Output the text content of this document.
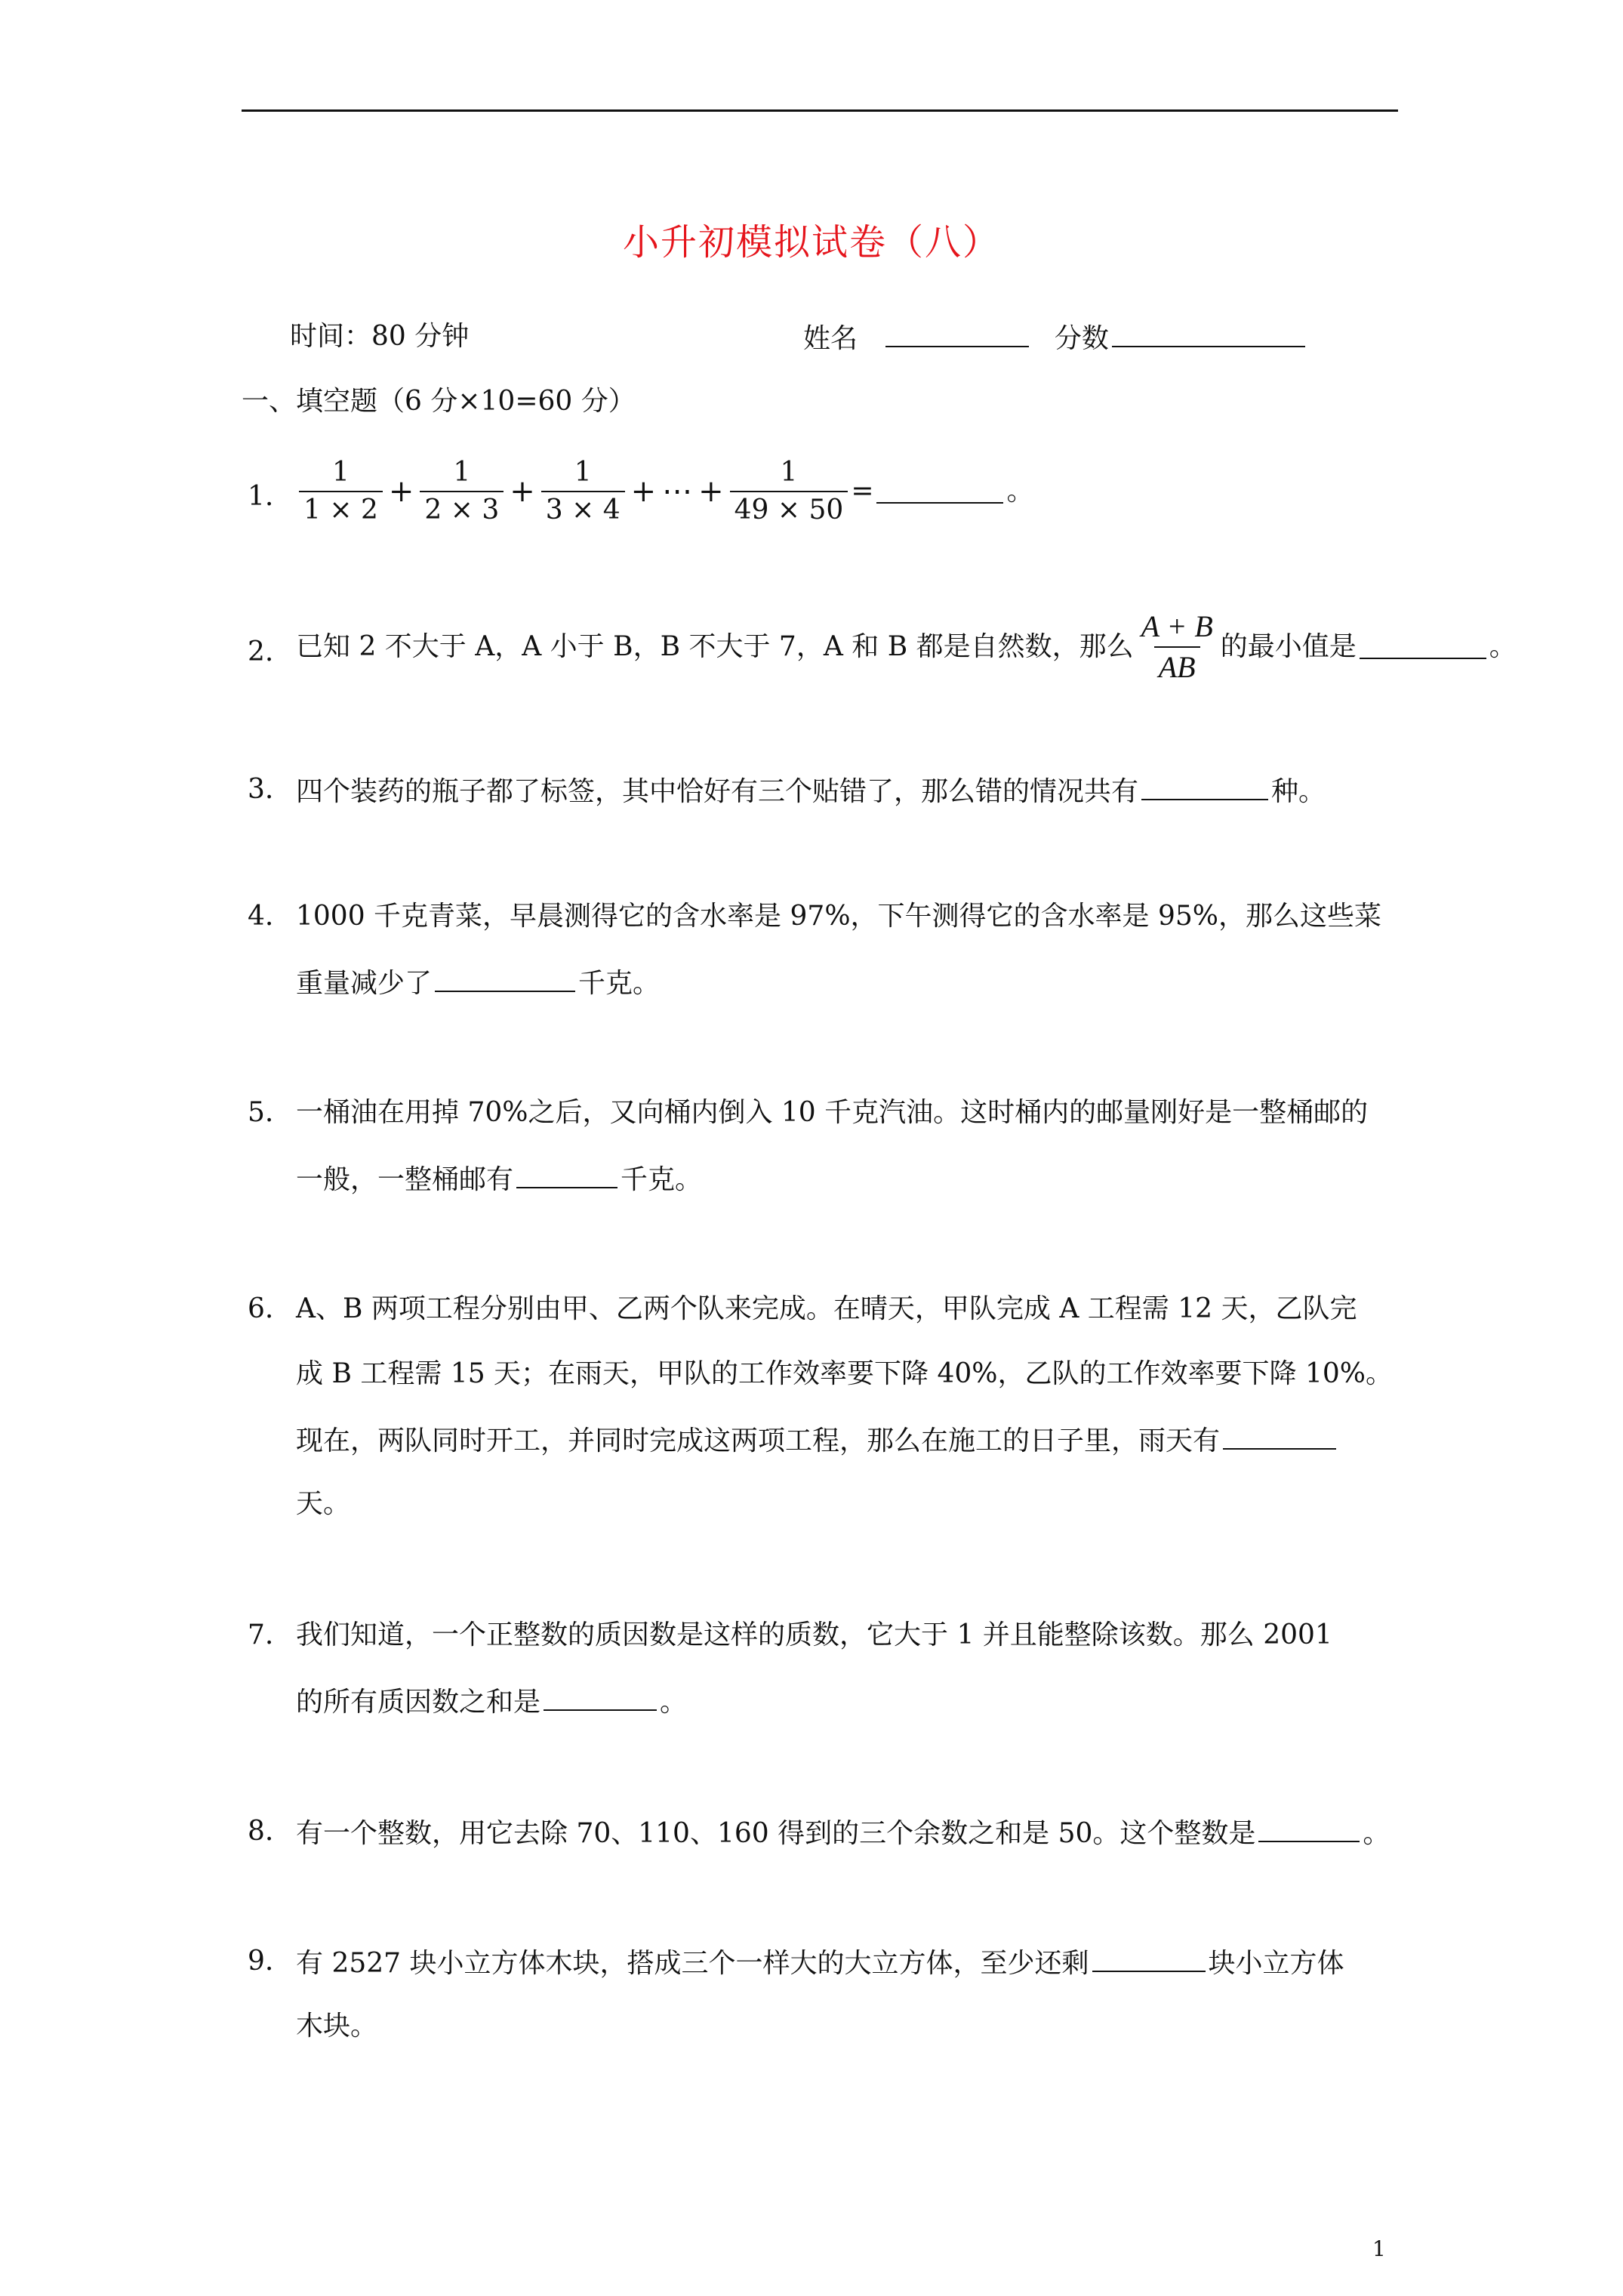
小升初模拟试卷（八）
时间：80 分钟	姓名	分数
一、填空题（6 分×10=60 分）
1. $\frac{1}{1 \times 2} + \frac{1}{2 \times 3} + \frac{1}{3 \times 4}$ + ⋯ + $\frac{1}{49 \times 50}$ =	。
2. 已知 2 不大于 A，A 小于 B，B 不大于 7，A 和 B 都是自然数，那么 $\frac{A + B}{AB}$ 的最小值是	。
3. 四个装药的瓶子都了标签，其中恰好有三个贴错了，那么错的情况共有	种。
4. 1000 千克青菜，早晨测得它的含水率是 97%，下午测得它的含水率是 95%，那么这些菜
重量减少了	千克。
5. 一桶油在用掉 70%之后，又向桶内倒入 10 千克汽油。这时桶内的邮量刚好是一整桶邮的
一般，一整桶邮有	千克。
6. A、B 两项工程分别由甲、乙两个队来完成。在晴天，甲队完成 A 工程需 12 天，乙队完
成 B 工程需 15 天；在雨天，甲队的工作效率要下降 40%，乙队的工作效率要下降 10%。
现在，两队同时开工，并同时完成这两项工程，那么在施工的日子里，雨天有
天。
7. 我们知道，一个正整数的质因数是这样的质数，它大于 1 并且能整除该数。那么 2001
的所有质因数之和是	。
8. 有一个整数，用它去除 70、110、160 得到的三个余数之和是 50。这个整数是	。
9. 有 2527 块小立方体木块，搭成三个一样大的大立方体，至少还剩	块小立方体
木块。
1
